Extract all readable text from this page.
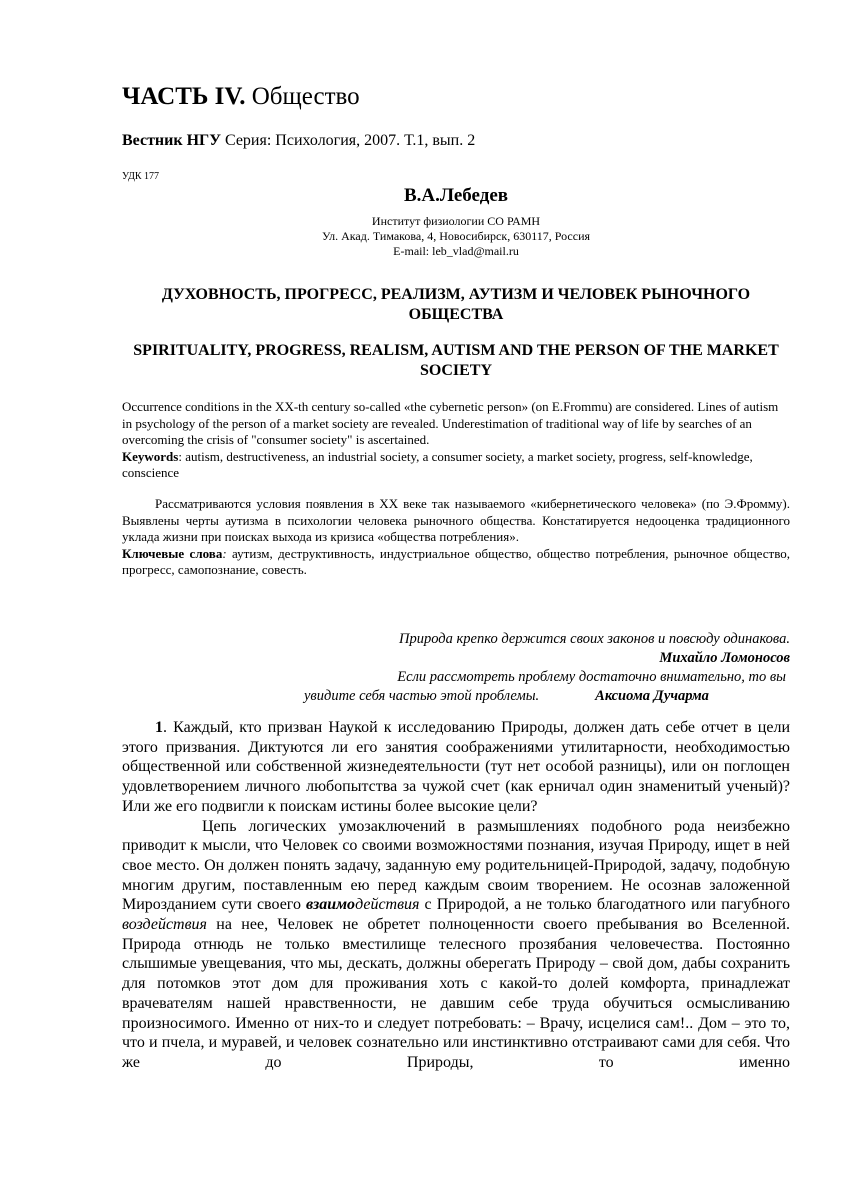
ЧАСТЬ IV. Общество
Вестник НГУ Серия: Психология, 2007. Т.1, вып. 2
УДК 177
В.А.Лебедев
Институт физиологии СО РАМН
Ул. Акад. Тимакова, 4, Новосибирск, 630117, Россия
E-mail: leb_vlad@mail.ru
ДУХОВНОСТЬ, ПРОГРЕСС, РЕАЛИЗМ, АУТИЗМ И ЧЕЛОВЕК РЫНОЧНОГО ОБЩЕСТВА
SPIRITUALITY, PROGRESS, REALISM, AUTISM AND THE PERSON OF THE MARKET SOCIETY
Occurrence conditions in the XX-th century so-called «the cybernetic person» (on E.Frommu) are considered. Lines of autism in psychology of the person of a market society are revealed. Underestimation of traditional way of life by searches of an overcoming the crisis of "consumer society" is ascertained.
Keywords: autism, destructiveness, an industrial society, a consumer society, a market society, progress, self-knowledge, conscience
Рассматриваются условия появления в XX веке так называемого «кибернетического человека» (по Э.Фромму). Выявлены черты аутизма в психологии человека рыночного общества. Констатируется недооценка традиционного уклада жизни при поисках выхода из кризиса «общества потребления».
Ключевые слова: аутизм, деструктивность, индустриальное общество, общество потребления, рыночное общество, прогресс, самопознание, совесть.
Природа крепко держится своих законов и повсюду одинакова.
Михайло Ломоносов
Если рассмотреть проблему достаточно внимательно, то вы
увидите себя частью этой проблемы.	Аксиома Дучарма

1. Каждый, кто призван Наукой к исследованию Природы, должен дать себе отчет в цели этого призвания. Диктуются ли его занятия соображениями утилитарности, необходимостью общественной или собственной жизнедеятельности (тут нет особой разницы), или он поглощен удовлетворением личного любопытства за чужой счет (как ерничал один знаменитый ученый)? Или же его подвигли к поискам истины более высокие цели?

Цепь логических умозаключений в размышлениях подобного рода неизбежно приводит к мысли, что Человек со своими возможностями познания, изучая Природу, ищет в ней свое место. Он должен понять задачу, заданную ему родительницей-Природой, задачу, подобную многим другим, поставленным ею перед каждым своим творением. Не осознав заложенной Мирозданием сути своего взаимодействия с Природой, а не только благодатного или пагубного воздействия на нее, Человек не обретет полноценности своего пребывания во Вселенной. Природа отнюдь не только вместилище телесного прозябания человечества. Постоянно слышимые увещевания, что мы, дескать, должны оберегать Природу – свой дом, дабы сохранить для потомков этот дом для проживания хоть с какой-то долей комфорта, принадлежат врачевателям нашей нравственности, не давшим себе труда обучиться осмысливанию произносимого. Именно от них-то и следует потребовать: – Врачу, исцелися сам!.. Дом – это то, что и пчела, и муравей, и человек сознательно или инстинктивно отстраивают сами для себя. Что же до Природы, то именно
